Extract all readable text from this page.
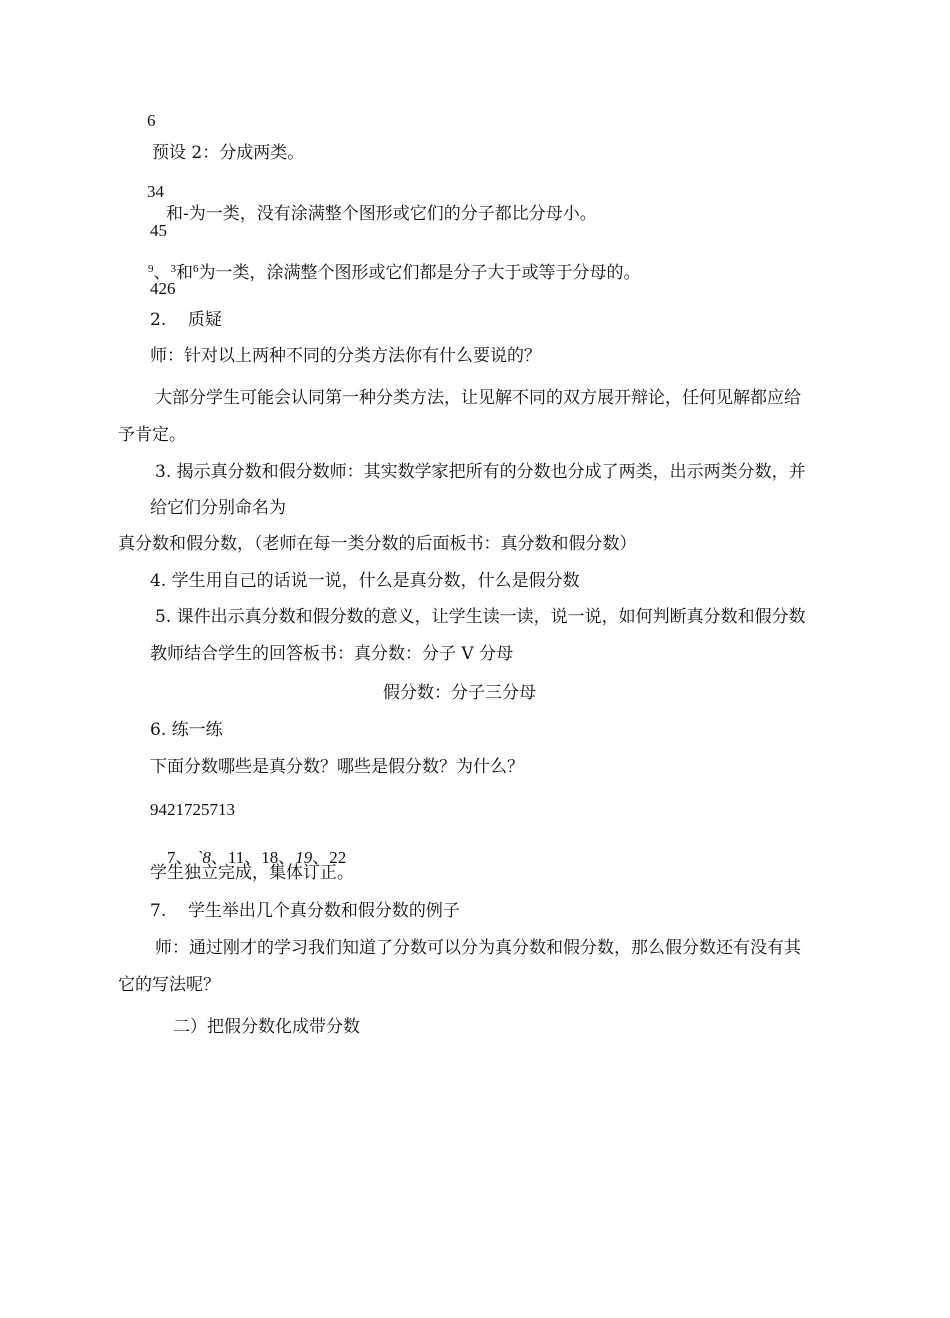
6
预设 2：分成两类。
34
和-为一类，没有涂满整个图形或它们的分子都比分母小。
45
$^9$、$^3$和$^6$为一类，涂满整个图形或它们都是分子大于或等于分母的。
426
2.    质疑
师：针对以上两种不同的分类方法你有什么要说的？
大部分学生可能会认同第一种分类方法，让见解不同的双方展开辩论，任何见解都应给
予肯定。
3. 揭示真分数和假分数师：其实数学家把所有的分数也分成了两类，出示两类分数，并
给它们分别命名为
真分数和假分数，（老师在每一类分数的后面板书：真分数和假分数）
4. 学生用自己的话说一说，什么是真分数，什么是假分数
5. 课件出示真分数和假分数的意义，让学生读一读，说一说，如何判断真分数和假分数
教师结合学生的回答板书：真分数：分子 V 分母
假分数：分子三分母
6. 练一练
下面分数哪些是真分数？哪些是假分数？为什么？
9421725713

7、 `8、11、18、19、22

学生独立完成，集体订正。
7.    学生举出几个真分数和假分数的例子
师：通过刚才的学习我们知道了分数可以分为真分数和假分数，那么假分数还有没有其
它的写法呢？
二）把假分数化成带分数
